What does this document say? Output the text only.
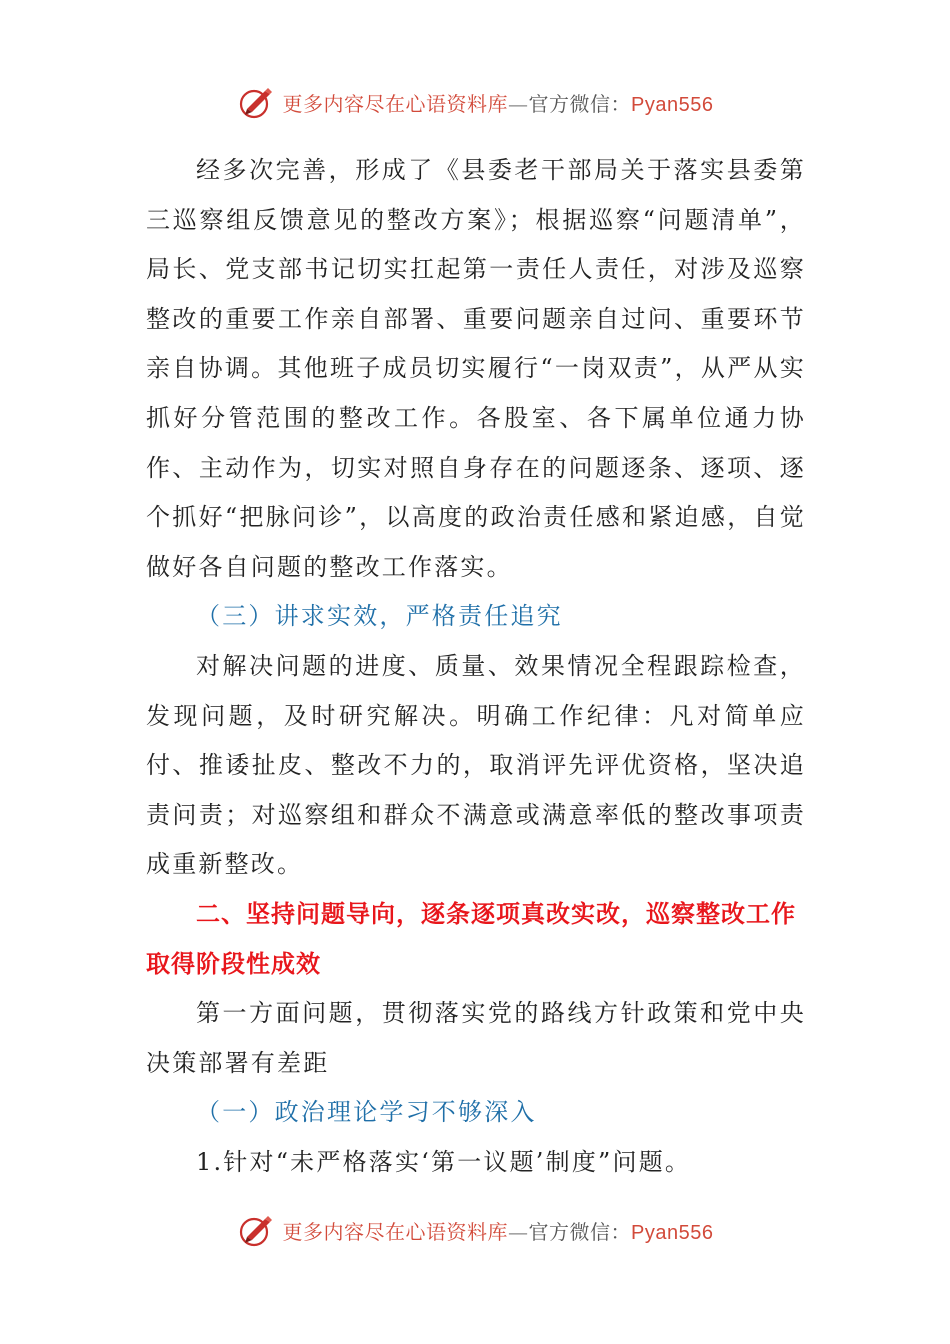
更多内容尽在心语资料库—官方微信：Pyan556

经多次完善，形成了《县委老干部局关于落实县委第三巡察组反馈意见的整改方案》；根据巡察“问题清单”，局长、党支部书记切实扛起第一责任人责任，对涉及巡察整改的重要工作亲自部署、重要问题亲自过问、重要环节亲自协调。其他班子成员切实履行“一岗双责”，从严从实抓好分管范围的整改工作。各股室、各下属单位通力协作、主动作为，切实对照自身存在的问题逐条、逐项、逐个抓好“把脉问诊”，以高度的政治责任感和紧迫感，自觉做好各自问题的整改工作落实。

（三）讲求实效，严格责任追究

对解决问题的进度、质量、效果情况全程跟踪检查，发现问题，及时研究解决。明确工作纪律：凡对简单应付、推诿扯皮、整改不力的，取消评先评优资格，坚决追责问责；对巡察组和群众不满意或满意率低的整改事项责成重新整改。

二、坚持问题导向，逐条逐项真改实改，巡察整改工作取得阶段性成效

第一方面问题，贯彻落实党的路线方针政策和党中央决策部署有差距

（一）政治理论学习不够深入

1.针对“未严格落实‘第一议题’制度”问题。

更多内容尽在心语资料库—官方微信：Pyan556
